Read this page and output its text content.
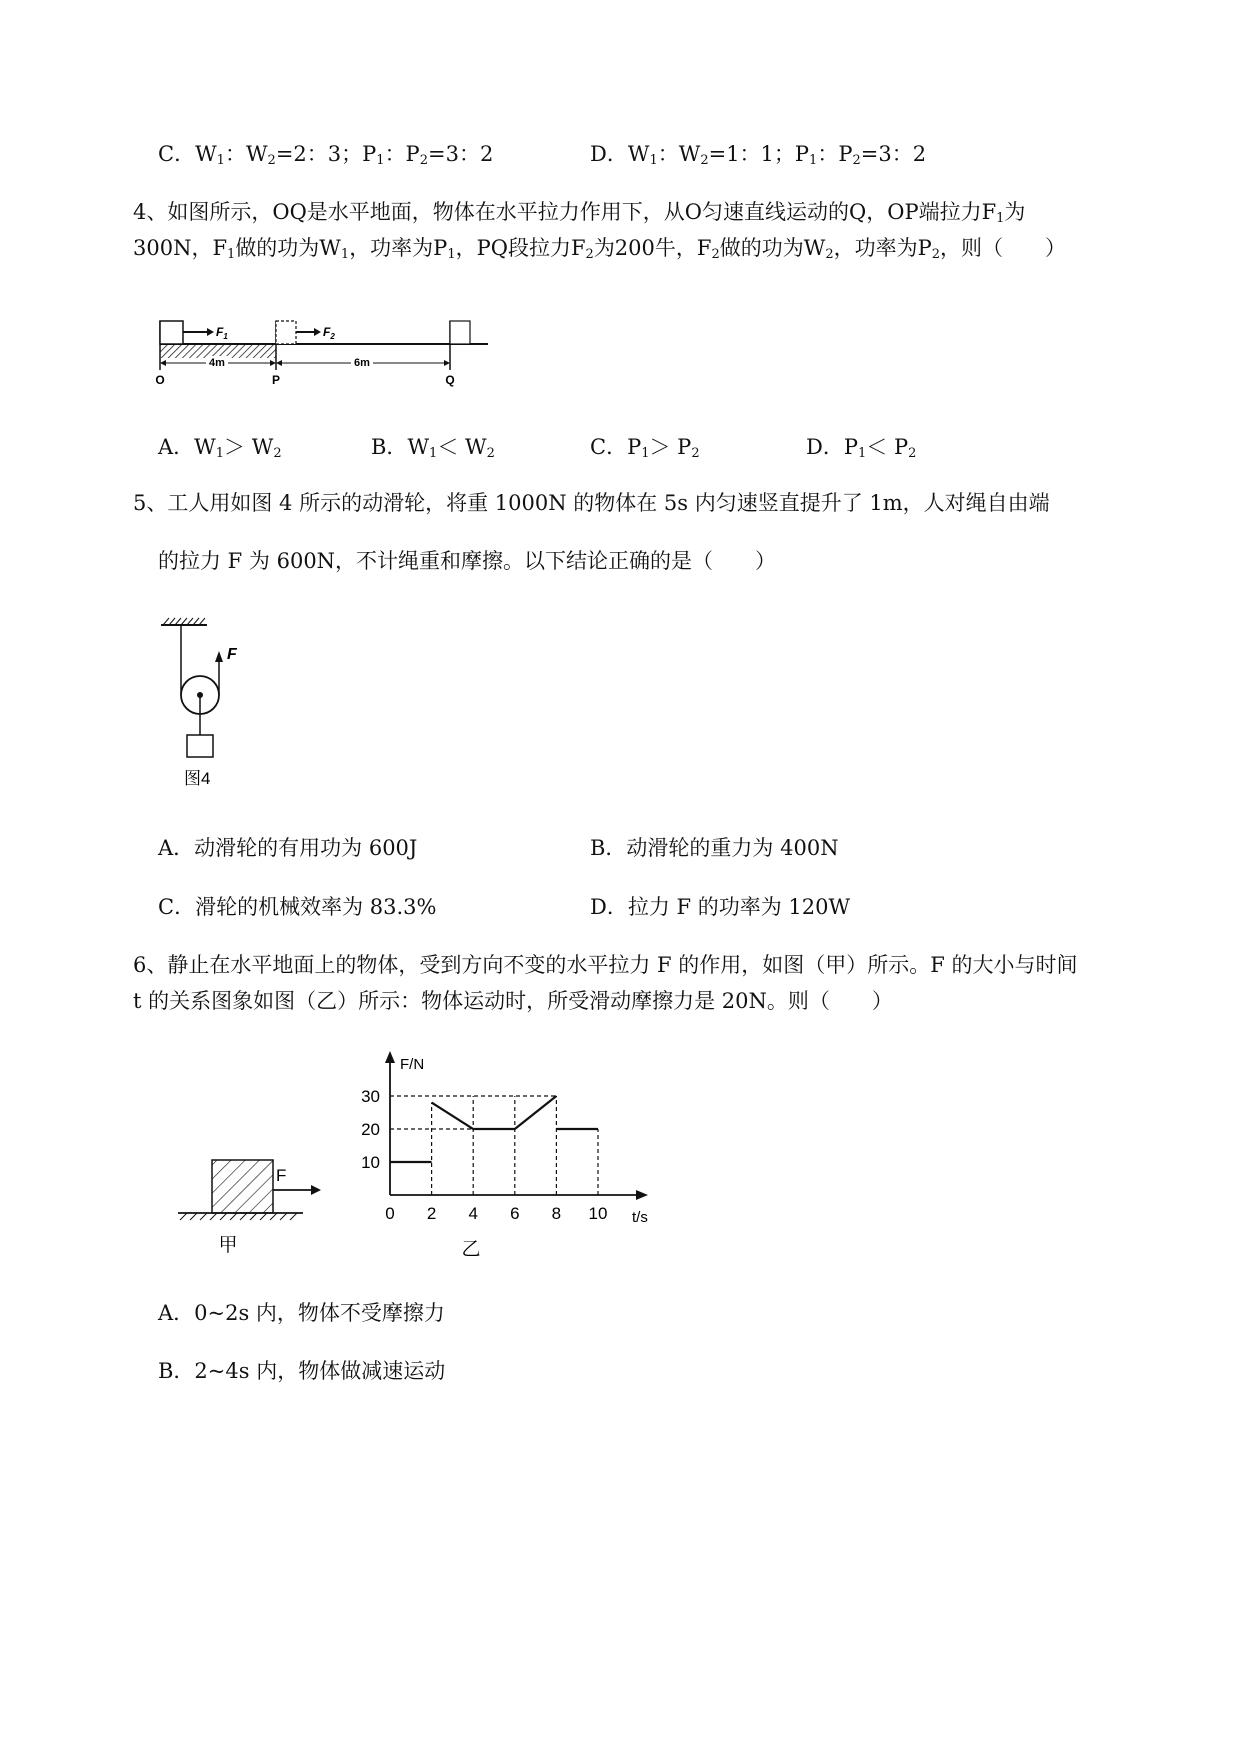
C．$W_1$：$W_2=2$：3；$P_1$：$P_2=3$：2	D．$W_1$：$W_2=1$：1；$P_1$：$P_2=3$：2
4、如图所示，OQ是水平地面，物体在水平拉力作用下，从O匀速直线运动的Q，OP端拉力$F_1$为
300N，$F_1$做的功为$W_1$，功率为$P_1$，PQ段拉力$F_2$为200牛，$F_2$做的功为$W_2$，功率为$P_2$，则（　　）
$F_1$	$F_2$
4m	6m
O	P	Q
A．$W_1> W_2$	B．$W_1< W_2$	C．$P_1> P_2$	D．$P_1< P_2$
5、工人用如图 4 所示的动滑轮，将重 1000N 的物体在 5s 内匀速竖直提升了 1m，人对绳自由端
的拉力 F 为 600N，不计绳重和摩擦。以下结论正确的是（　　）
F
图4
A．动滑轮的有用功为 600J	B．动滑轮的重力为 400N
C．滑轮的机械效率为 83.3%	D．拉力 F 的功率为 120W
6、静止在水平地面上的物体，受到方向不变的水平拉力 F 的作用，如图（甲）所示。F 的大小与时间
t 的关系图象如图（乙）所示：物体运动时，所受滑动摩擦力是 20N。则（　　）
F
甲
F/N
t/s
0 2 4 6 8 10
10
20
30
乙
A．0~2s 内，物体不受摩擦力
B．2~4s 内，物体做减速运动
